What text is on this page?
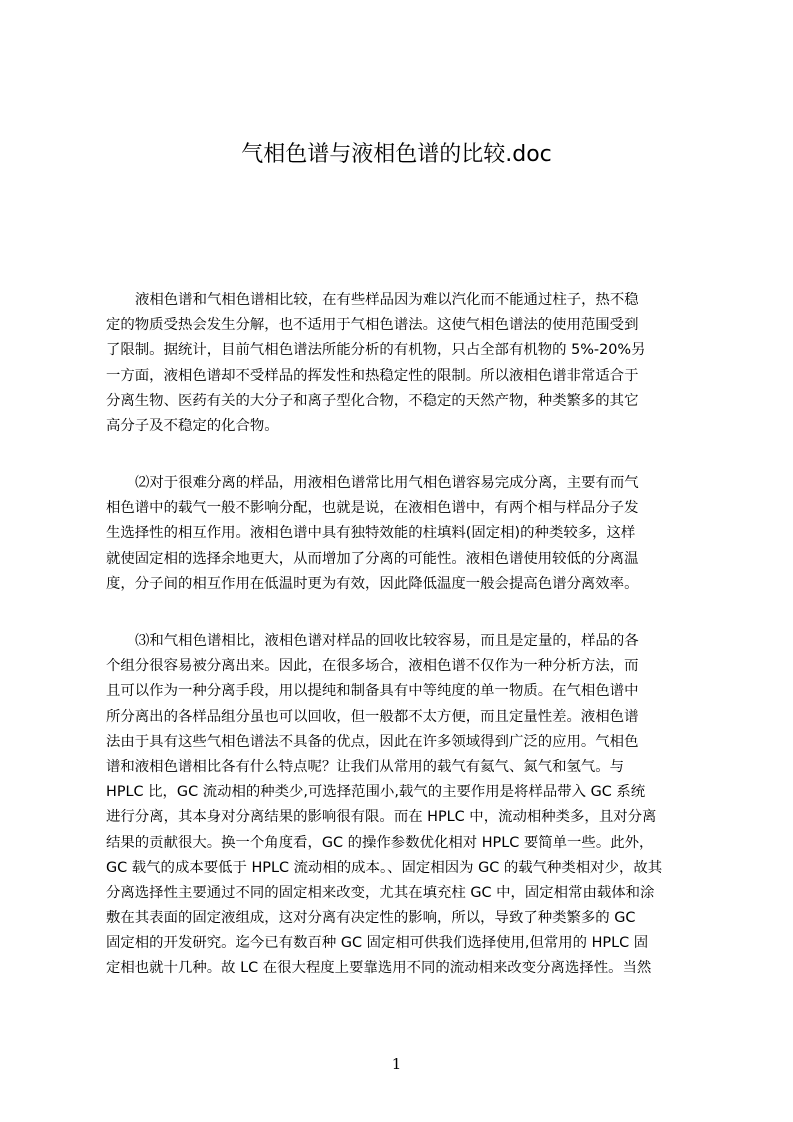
气相色谱与液相色谱的比较.doc
液相色谱和气相色谱相比较，在有些样品因为难以汽化而不能通过柱子，热不稳
定的物质受热会发生分解，也不适用于气相色谱法。这使气相色谱法的使用范围受到
了限制。据统计，目前气相色谱法所能分析的有机物，只占全部有机物的 5%-20%另
一方面，液相色谱却不受样品的挥发性和热稳定性的限制。所以液相色谱非常适合于
分离生物、医药有关的大分子和离子型化合物，不稳定的天然产物，种类繁多的其它
高分子及不稳定的化合物。
⑵对于很难分离的样品，用液相色谱常比用气相色谱容易完成分离，主要有而气
相色谱中的载气一般不影响分配，也就是说，在液相色谱中，有两个相与样品分子发
生选择性的相互作用。液相色谱中具有独特效能的柱填料(固定相)的种类较多，这样
就使固定相的选择余地更大，从而增加了分离的可能性。液相色谱使用较低的分离温
度，分子间的相互作用在低温时更为有效，因此降低温度一般会提高色谱分离效率。
⑶和气相色谱相比，液相色谱对样品的回收比较容易，而且是定量的，样品的各
个组分很容易被分离出来。因此，在很多场合，液相色谱不仅作为一种分析方法，而
且可以作为一种分离手段，用以提纯和制备具有中等纯度的单一物质。在气相色谱中
所分离出的各样品组分虽也可以回收，但一般都不太方便，而且定量性差。液相色谱
法由于具有这些气相色谱法不具备的优点，因此在许多领域得到广泛的应用。气相色
谱和液相色谱相比各有什么特点呢？让我们从常用的载气有氦气、氮气和氢气。与
HPLC 比，GC 流动相的种类少,可选择范围小,载气的主要作用是将样品带入 GC 系统
进行分离，其本身对分离结果的影响很有限。而在 HPLC 中，流动相种类多，且对分离
结果的贡献很大。换一个角度看，GC 的操作参数优化相对 HPLC 要简单一些。此外，
GC 载气的成本要低于 HPLC 流动相的成本。、固定相因为 GC 的载气种类相对少，故其
分离选择性主要通过不同的固定相来改变，尤其在填充柱 GC 中，固定相常由载体和涂
敷在其表面的固定液组成，这对分离有决定性的影响，所以，导致了种类繁多的 GC
固定相的开发研究。迄今已有数百种 GC 固定相可供我们选择使用,但常用的 HPLC 固
定相也就十几种。故 LC 在很大程度上要靠选用不同的流动相来改变分离选择性。当然
1
